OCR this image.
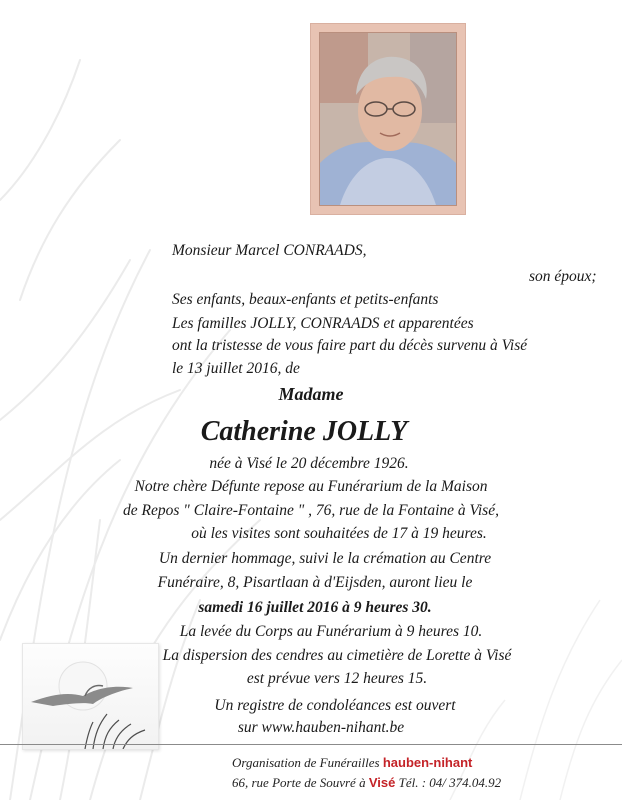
Monsieur Marcel CONRAADS,
son époux;
Ses enfants, beaux-enfants et petits-enfants
Les familles JOLLY, CONRAADS et apparentées
ont la tristesse de vous faire part du décès survenu à Visé
le 13 juillet 2016, de
Madame
Catherine JOLLY
née à Visé le 20 décembre 1926.
Notre chère Défunte repose au Funérarium de la Maison
de Repos " Claire-Fontaine " , 76, rue de la Fontaine à Visé,
où les visites sont souhaitées de 17 à 19 heures.
Un dernier hommage, suivi le la crémation au Centre
Funéraire, 8, Pisartlaan à d'Eijsden, auront lieu le
samedi 16 juillet 2016 à 9 heures 30.
La levée du Corps au Funérarium à 9 heures 10.
La dispersion des cendres au cimetière de Lorette à Visé
est prévue vers 12 heures 15.
Un registre de condoléances est ouvert
sur www.hauben-nihant.be
Organisation de Funérailles hauben-nihant
66, rue Porte de Souvré à Visé Tél. : 04/ 374.04.92
